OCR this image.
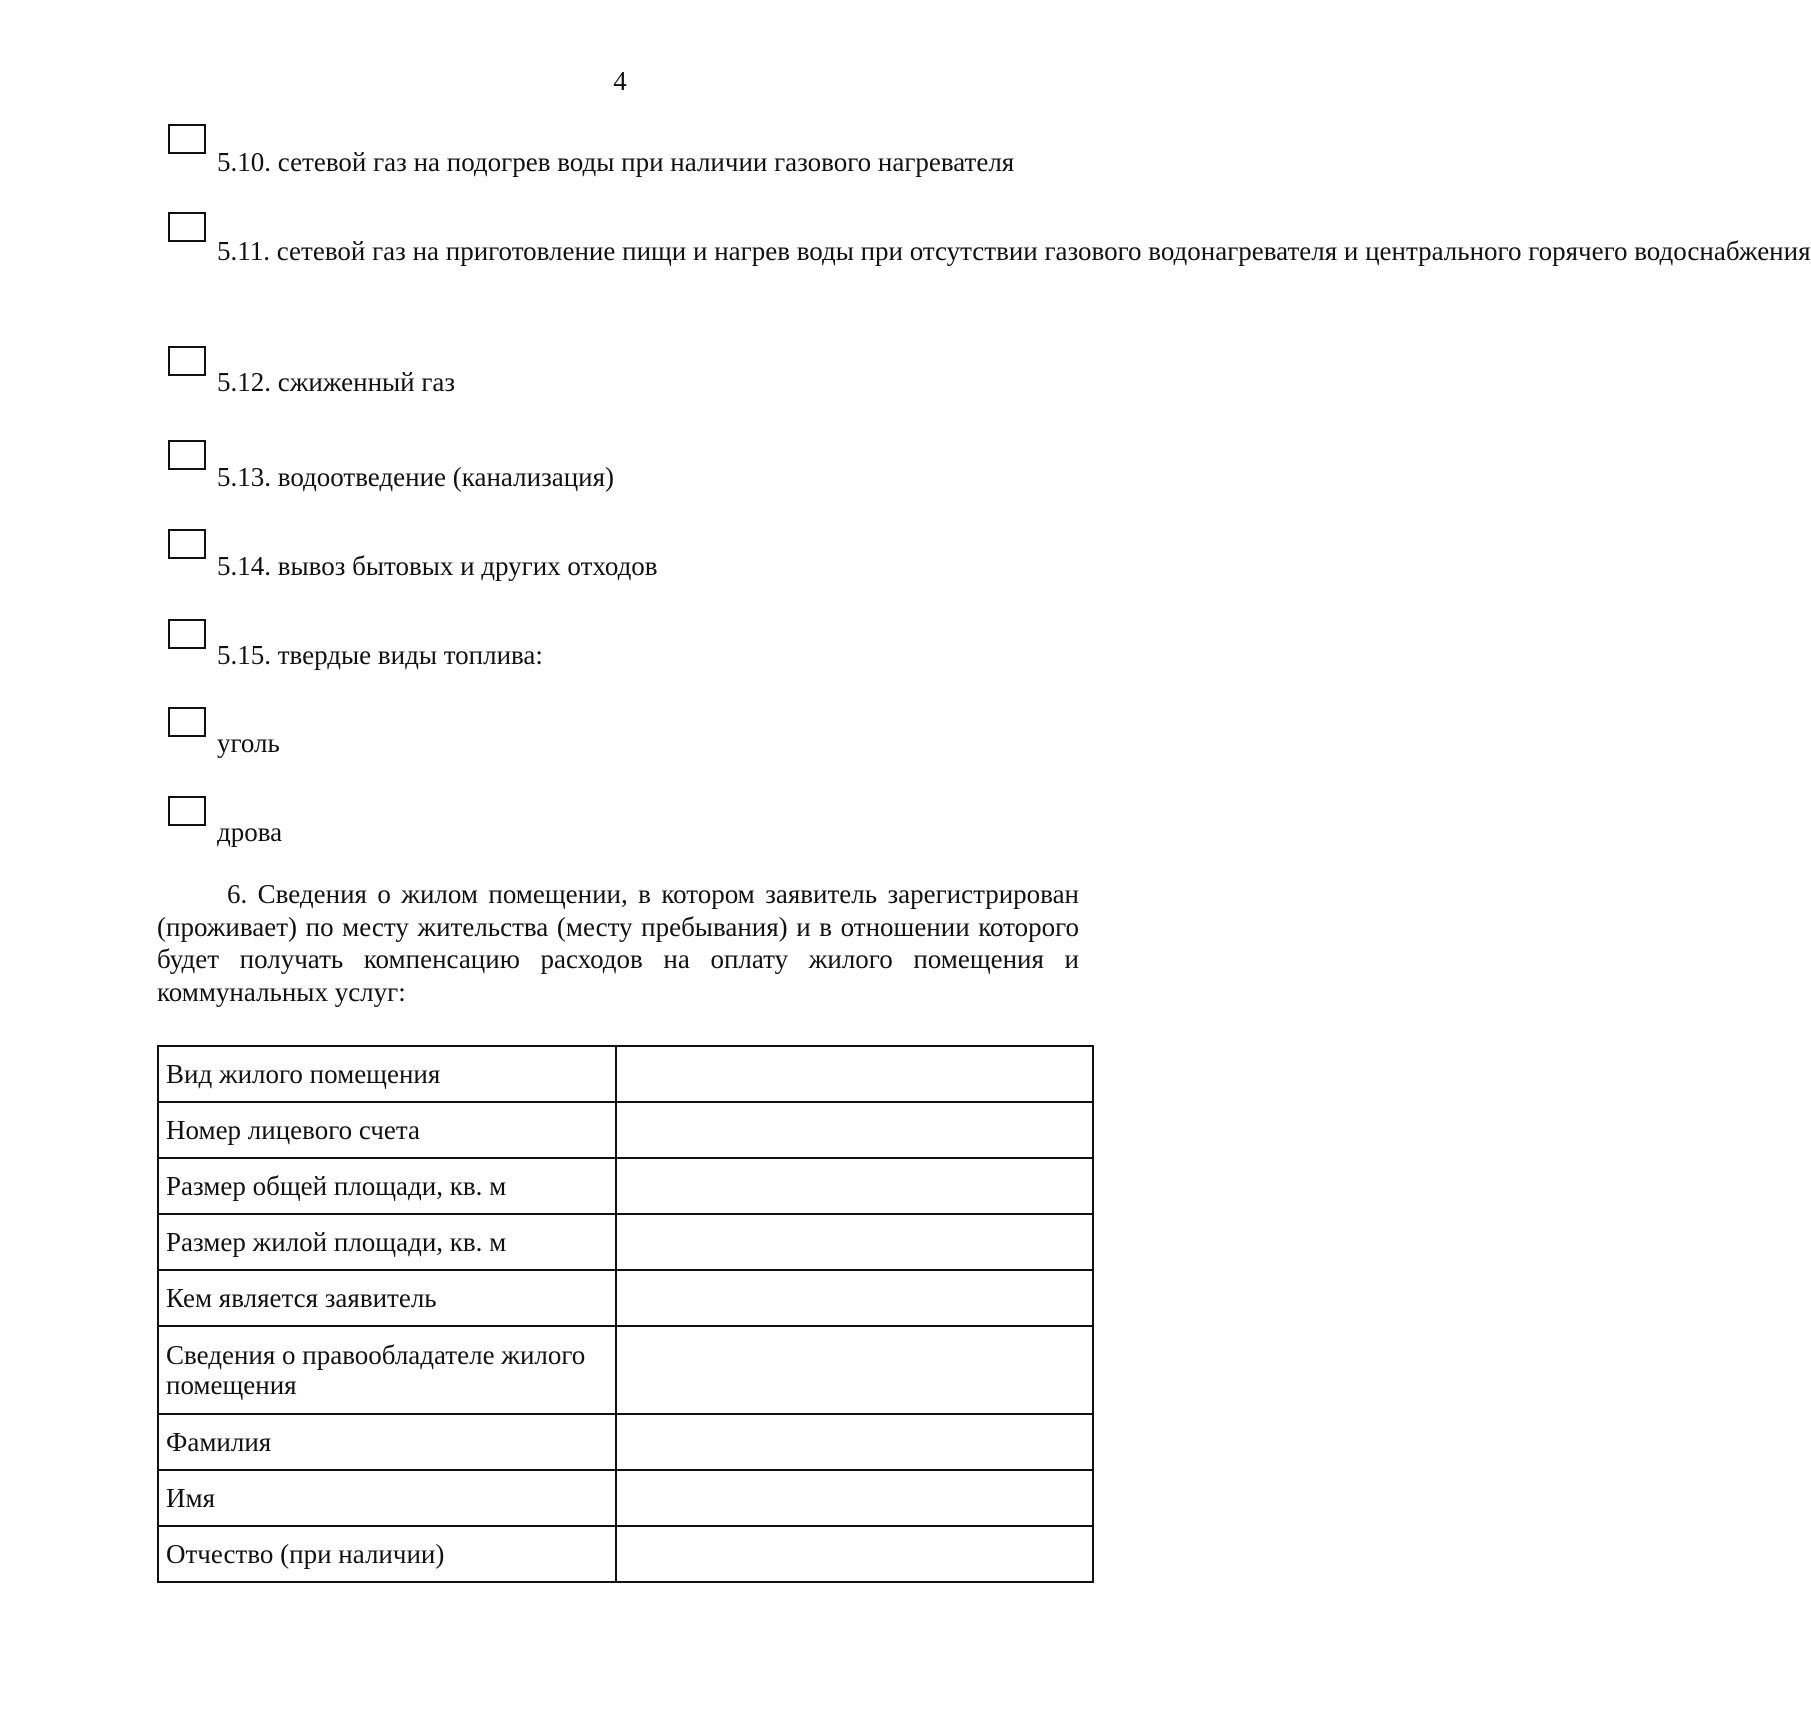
4
5.10. сетевой газ на подогрев воды при наличии газового нагревателя
5.11. сетевой газ на приготовление пищи и нагрев воды при отсутствии газового водонагревателя и центрального горячего водоснабжения
5.12. сжиженный газ
5.13. водоотведение (канализация)
5.14. вывоз бытовых и других отходов
5.15. твердые виды топлива:
уголь
дрова
6. Сведения о жилом помещении, в котором заявитель зарегистрирован (проживает) по месту жительства (месту пребывания) и в отношении которого будет получать компенсацию расходов на оплату жилого помещения и коммунальных услуг:
Вид жилого помещения	
Номер лицевого счета	
Размер общей площади, кв. м	
Размер жилой площади, кв. м	
Кем является заявитель	
Сведения о правообладателе жилого помещения	
Фамилия	
Имя	
Отчество (при наличии)	
